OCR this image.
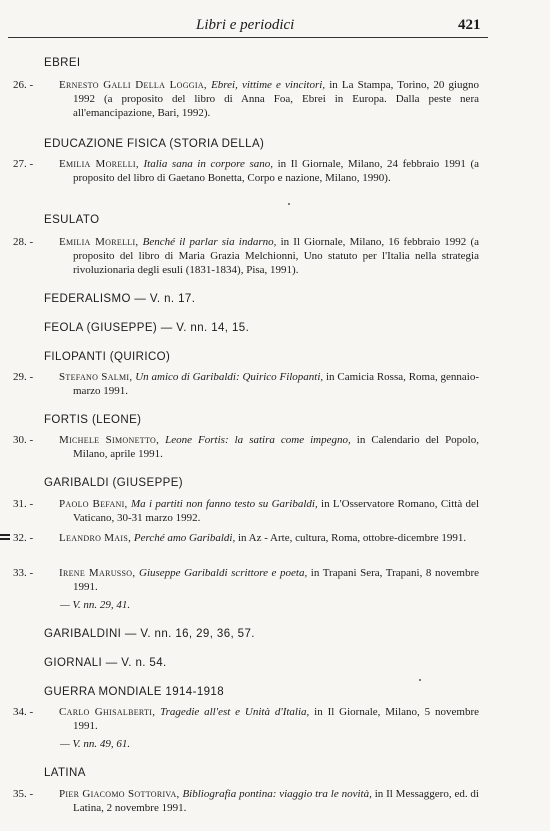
Libri e periodici	421
EBREI
26. -	Ernesto Galli Della Loggia, Ebrei, vittime e vincitori, in La Stampa, Torino, 20 giugno 1992 (a proposito del libro di Anna Foa, Ebrei in Europa. Dalla peste nera all'emancipazione, Bari, 1992).
EDUCAZIONE FISICA (STORIA DELLA)
27. -	Emilia Morelli, Italia sana in corpore sano, in Il Giornale, Milano, 24 febbraio 1991 (a proposito del libro di Gaetano Bonetta, Corpo e nazione, Milano, 1990).
ESULATO
28. -	Emilia Morelli, Benché il parlar sia indarno, in Il Giornale, Milano, 16 febbraio 1992 (a proposito del libro di Maria Grazia Melchionni, Uno statuto per l'Italia nella strategia rivoluzionaria degli esuli (1831-1834), Pisa, 1991).
FEDERALISMO — V. n. 17.
FEOLA (GIUSEPPE) — V. nn. 14, 15.
FILOPANTI (QUIRICO)
29. -	Stefano Salmi, Un amico di Garibaldi: Quirico Filopanti, in Camicia Rossa, Roma, gennaio-marzo 1991.
FORTIS (LEONE)
30. -	Michele Simonetto, Leone Fortis: la satira come impegno, in Calendario del Popolo, Milano, aprile 1991.
GARIBALDI (GIUSEPPE)
31. -	Paolo Befani, Ma i partiti non fanno testo su Garibaldi, in L'Osservatore Romano, Città del Vaticano, 30-31 marzo 1992.
32. -	Leandro Mais, Perché amo Garibaldi, in Az - Arte, cultura, Roma, ottobre-dicembre 1991.
33. -	Irene Marusso, Giuseppe Garibaldi scrittore e poeta, in Trapani Sera, Trapani, 8 novembre 1991.
— V. nn. 29, 41.
GARIBALDINI — V. nn. 16, 29, 36, 57.
GIORNALI — V. n. 54.
GUERRA MONDIALE 1914-1918
34. -	Carlo Ghisalberti, Tragedie all'est e Unità d'Italia, in Il Giornale, Milano, 5 novembre 1991.
— V. nn. 49, 61.
LATINA
35. -	Pier Giacomo Sottoriva, Bibliografia pontina: viaggio tra le novità, in Il Messaggero, ed. di Latina, 2 novembre 1991.
